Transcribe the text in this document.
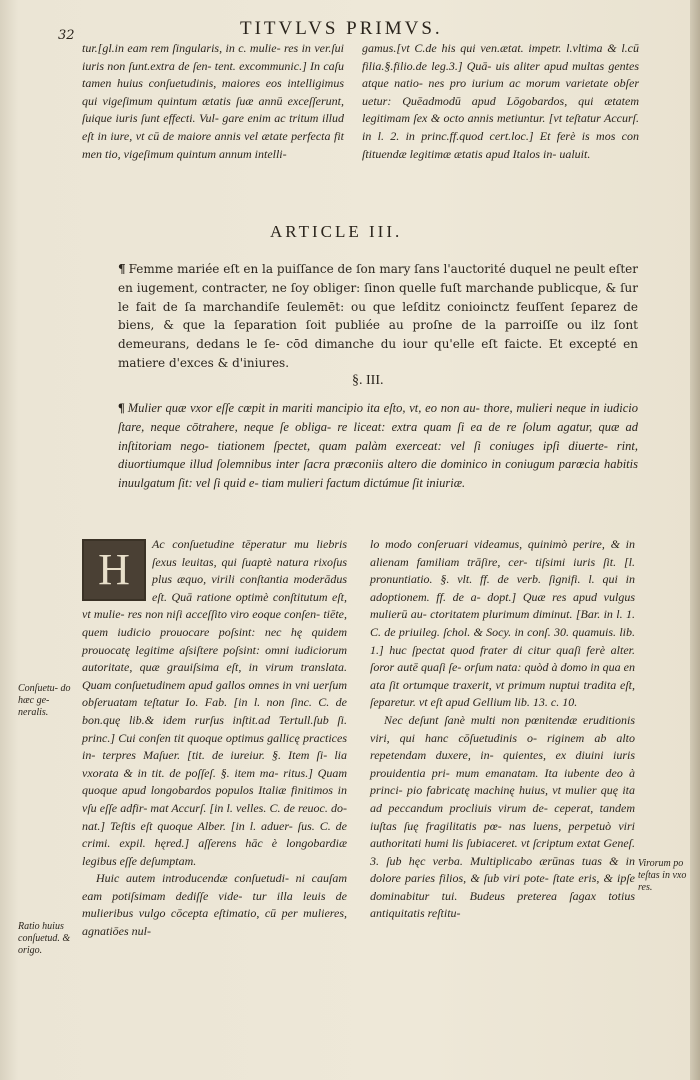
32	TITVLVS PRIMVS.

tur.[gl.in eam rem ſingularis, in c. mulie- res in ver.ſui iuris non ſunt.extra de ſen- tent. excommunic.] In caſu tamen huius conſuetudinis, maiores eos intelligimus qui vigeſimum quintum ætatis ſuæ annū exceſſerunt, ſuique iuris ſunt effecti. Vul- gare enim ac tritum illud eſt in iure, vt cū de maiore annis vel ætate perfecta fit men tio, vigeſimum quintum annum intelli-

gamus.[vt C.de his qui ven.ætat. impetr. l.vltima & l.cū filia.§.filio.de leg.3.] Quā- uis aliter apud multas gentes atque natio- nes pro iurium ac morum varietate obſer uetur: Quēadmodū apud Lōgobardos, qui ætatem legitimam ſex & octo annis metiuntur. [vt teſtatur Accurſ. in l. 2. in princ.ff.quod cert.loc.] Et ferè is mos con ſtituendæ legitimæ ætatis apud Italos in- ualuit.

ARTICLE III.

¶ Femme mariée eſt en la puiſſance de ſon mary ſans l'auctorité duquel ne peult eſter en iugement, contracter, ne ſoy obliger: ſinon quelle fuſt marchande publicque, & ſur le fait de ſa marchandiſe ſeulemēt: ou que leſditz conioinctz feuſſent ſeparez de biens, & que la ſeparation ſoit publiée au proſne de la parroiſſe ou ilz ſont demeurans, dedans le ſe- cōd dimanche du iour qu'elle eſt faicte. Et excepté en matiere d'exces & d'iniures.

§. III.

¶ Mulier quæ vxor eſſe cœpit in mariti mancipio ita eſto, vt, eo non au- thore, mulieri neque in iudicio ſtare, neque cōtrahere, neque ſe obliga- re liceat: extra quam ſi ea de re ſolum agatur, quæ ad inſtitoriam nego- tiationem ſpectet, quam palàm exerceat: vel ſi coniuges ipſi diuerte- rint, diuortiumque illud ſolemnibus inter ſacra præconiis altero die dominico in coniugum parœcia habitis inuulgatum ſit: vel ſi quid e- tiam mulieri factum dictúmue ſit iniuriæ.

H

Ac conſuetudine tēperatur mu liebris ſexus leuitas, qui ſuaptè natura rixoſus plus æquo, virili conſtantia moderādus eſt. Quā ratione optimè conſtitutum eſt, vt mulie- res non niſi acceſſito viro eoque conſen- tiēte, quem iudicio prouocare poſsint: nec hę quidem prouocatę legitime aſsiſtere poſsint: omni iudiciorum autoritate, quæ grauiſsima eſt, in virum translata. Quam conſuetudinem apud gallos omnes in vni uerſum obſeruatam teſtatur Io. Fab. [in l. non ſinc. C. de bon.quę lib.& idem rurſus inſtit.ad Tertull.ſub ſi. princ.] Cui conſen tit quoque optimus gallicę practices in- terpres Maſuer. [tit. de iureiur. §. Item ſi- lia vxorata & in tit. de poſſeſ. §. item ma- ritus.] Quam quoque apud longobardos populos Italiæ finitimos in vſu eſſe adfir- mat Accurſ. [in l. velles. C. de reuoc. do- nat.] Teſtis eſt quoque Alber. [in l. aduer- ſus. C. de crimi. expil. hęred.] aſſerens hāc è longobardiæ legibus eſſe deſumptam.

Huic autem introducendæ conſuetudi- ni cauſam eam potiſsimam dediſſe vide- tur illa leuis de mulieribus vulgo cōcepta eſtimatio, cū per mulieres, agnatiōes nul-

lo modo conſeruari videamus, quinimò perire, & in alienam familiam trāſire, cer- tiſsimi iuris ſit. [l. pronuntiatio. §. vlt. ff. de verb. ſignifi. l. qui in adoptionem. ff. de a- dopt.] Quæ res apud vulgus mulierū au- ctoritatem plurimum diminut. [Bar. in l. 1. C. de priuileg. ſchol. & Socy. in conſ. 30. quamuis. lib. 1.] huc ſpectat quod frater di citur quaſi ferè alter. ſoror autē quaſi ſe- orſum nata: quòd à domo in qua en ata ſit ortumque traxerit, vt primum nuptui tradita eſt, ſeparetur. vt eſt apud Gellium lib. 13. c. 10.

Nec deſunt ſanè multi non pœnitendæ eruditionis viri, qui hanc cōſuetudinis o- riginem ab alto repetendam duxere, in- quientes, ex diuini iuris prouidentia pri- mum emanatam. Ita iubente deo à princi- pio fabricatę machinę huius, vt mulier quę ita ad peccandum procliuis virum de- ceperat, tandem iuſtas ſuę fragilitatis pœ- nas luens, perpetuò viri authoritati humi lis ſubiaceret. vt ſcriptum extat Geneſ. 3. ſub hęc verba. Multiplicabo ærūnas tuas & in dolore paries filios, & ſub viri pote- ſtate eris, & ipſe dominabitur tui. Budeus preterea ſagax totius antiquitatis reſtitu-

Conſuetu- do hæc ge- neralis.
Ratio huius conſuetud. & origo.
Virorum po teſtas in vxo res.
